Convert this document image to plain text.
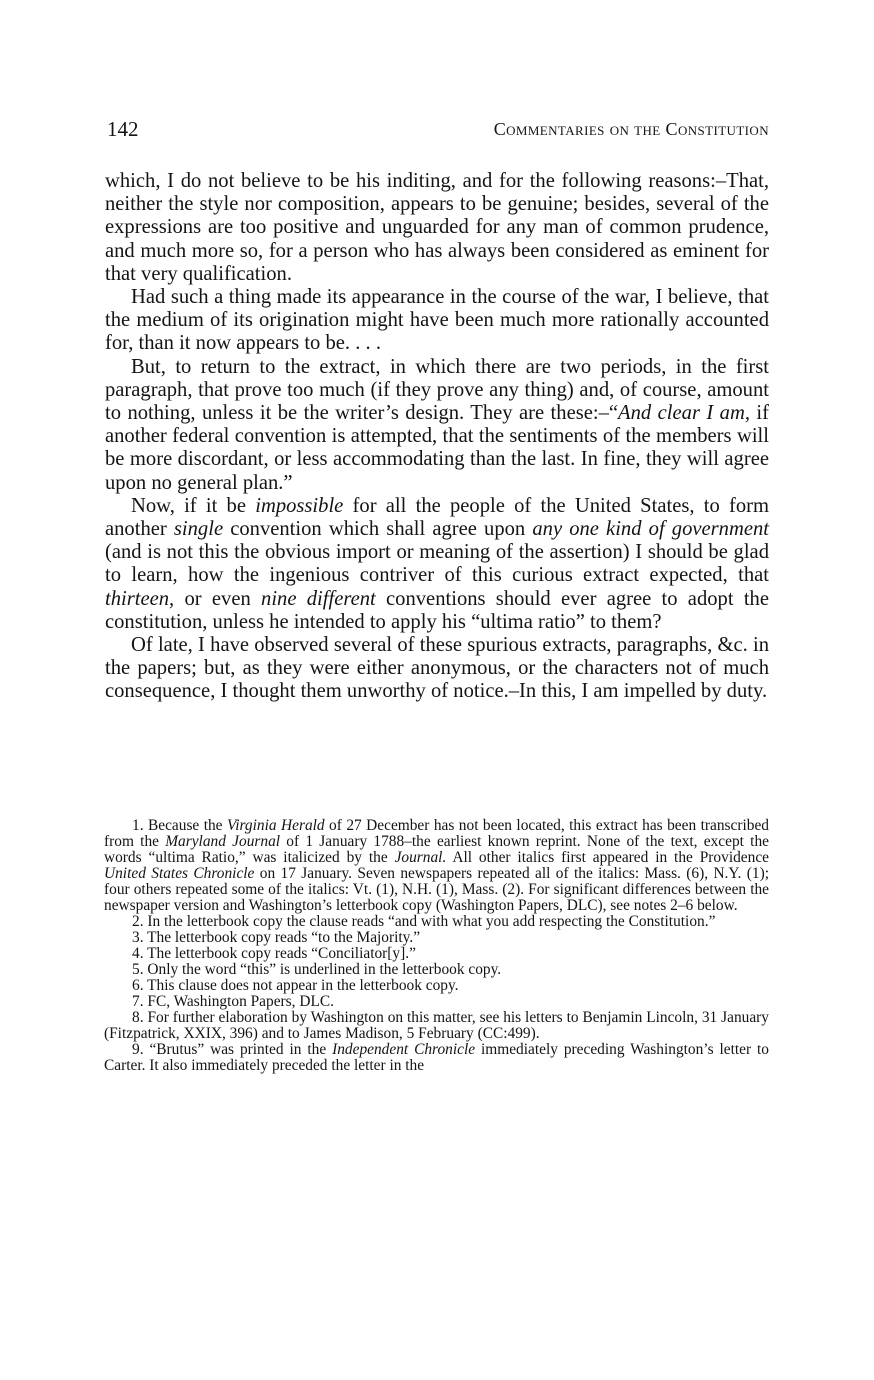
142	Commentaries on the Constitution

which, I do not believe to be his inditing, and for the following reasons:–That, neither the style nor composition, appears to be genuine; besides, several of the expressions are too positive and unguarded for any man of common prudence, and much more so, for a person who has always been considered as eminent for that very qualification.

Had such a thing made its appearance in the course of the war, I believe, that the medium of its origination might have been much more rationally accounted for, than it now appears to be. . . .

But, to return to the extract, in which there are two periods, in the first paragraph, that prove too much (if they prove any thing) and, of course, amount to nothing, unless it be the writer’s design. They are these:–“And clear I am, if another federal convention is attempted, that the sentiments of the members will be more discordant, or less accommodating than the last. In fine, they will agree upon no general plan.”

Now, if it be impossible for all the people of the United States, to form another single convention which shall agree upon any one kind of government (and is not this the obvious import or meaning of the assertion) I should be glad to learn, how the ingenious contriver of this curious extract expected, that thirteen, or even nine different conventions should ever agree to adopt the constitution, unless he intended to apply his “ultima ratio” to them?

Of late, I have observed several of these spurious extracts, paragraphs, &c. in the papers; but, as they were either anonymous, or the characters not of much consequence, I thought them unworthy of notice.–In this, I am impelled by duty.

1. Because the Virginia Herald of 27 December has not been located, this extract has been transcribed from the Maryland Journal of 1 January 1788–the earliest known reprint. None of the text, except the words “ultima Ratio,” was italicized by the Journal. All other italics first appeared in the Providence United States Chronicle on 17 January. Seven newspapers repeated all of the italics: Mass. (6), N.Y. (1); four others repeated some of the italics: Vt. (1), N.H. (1), Mass. (2). For significant differences between the newspaper version and Washington’s letterbook copy (Washington Papers, DLC), see notes 2–6 below.

2. In the letterbook copy the clause reads “and with what you add respecting the Constitution.”

3. The letterbook copy reads “to the Majority.”

4. The letterbook copy reads “Conciliator[y].”

5. Only the word “this” is underlined in the letterbook copy.

6. This clause does not appear in the letterbook copy.

7. FC, Washington Papers, DLC.

8. For further elaboration by Washington on this matter, see his letters to Benjamin Lincoln, 31 January (Fitzpatrick, XXIX, 396) and to James Madison, 5 February (CC:499).

9. “Brutus” was printed in the Independent Chronicle immediately preceding Washington’s letter to Carter. It also immediately preceded the letter in the
